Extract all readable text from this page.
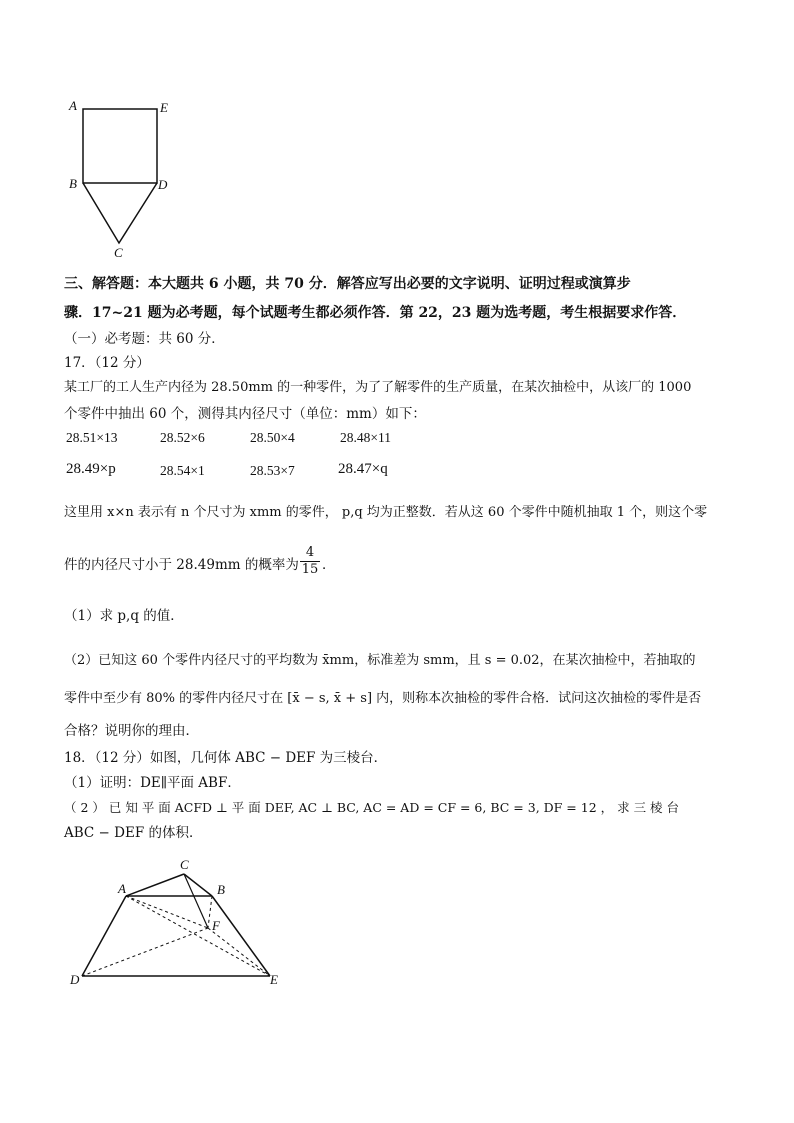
A	E
B	D
C
三、解答题：本大题共 6 小题，共 70 分．解答应写出必要的文字说明、证明过程或演算步
骤．17~21 题为必考题，每个试题考生都必须作答．第 22，23 题为选考题，考生根据要求作答．
（一）必考题：共 60 分．
17．（12 分）
某工厂的工人生产内径为 28.50mm 的一种零件，为了了解零件的生产质量，在某次抽检中，从该厂的 1000
个零件中抽出 60 个，测得其内径尺寸（单位：mm）如下：
28.51×13	28.52×6	28.50×4	28.48×11
28.49×p	28.54×1	28.53×7	28.47×q
这里用 x×n 表示有 n 个尺寸为 xmm 的零件， p,q 均为正整数．若从这 60 个零件中随机抽取 1 个，则这个零
件的内径尺寸小于 28.49mm 的概率为 $\frac{4}{15}$ ．
（1）求 p,q 的值．
（2）已知这 60 个零件内径尺寸的平均数为 x̄mm，标准差为 smm，且 s = 0.02，在某次抽检中，若抽取的
零件中至少有 80% 的零件内径尺寸在 [x̄ − s, x̄ + s] 内，则称本次抽检的零件合格．试问这次抽检的零件是否
合格？说明你的理由．
18．（12 分）如图，几何体 ABC − DEF 为三棱台．
（1）证明：DE∥平面 ABF．
（ 2 ） 已 知 平 面 ACFD ⊥ 平 面 DEF, AC ⊥ BC, AC = AD = CF = 6, BC = 3, DF = 12 ， 求 三 棱 台
ABC − DEF 的体积．
C
A	B
F
D	E
